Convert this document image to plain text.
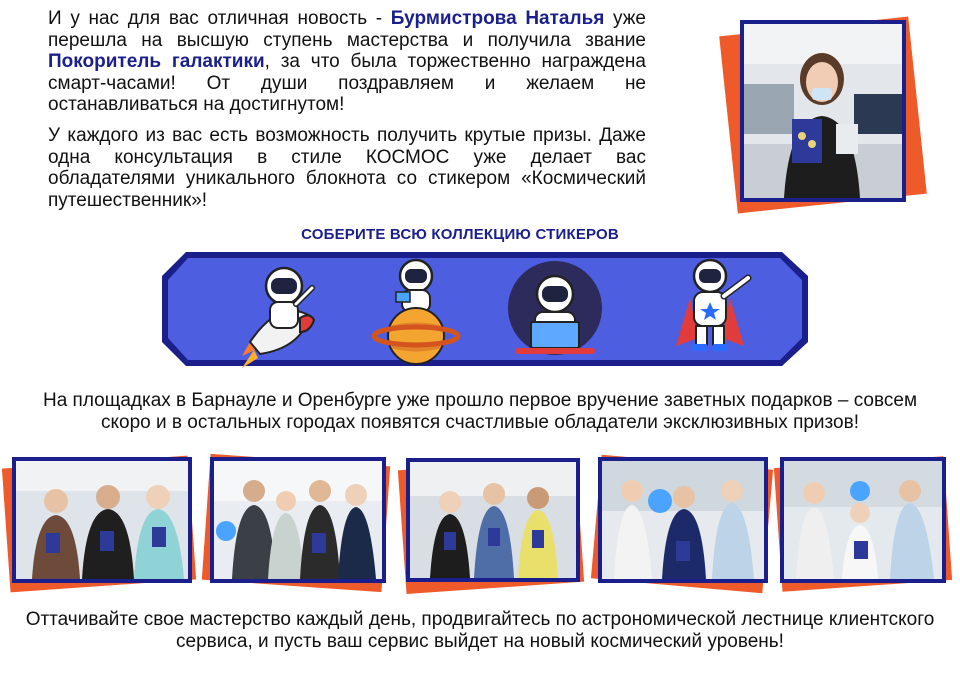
И у нас для вас отличная новость - Бурмистрова Наталья уже перешла на высшую ступень мастерства и получила звание Покоритель галактики, за что была торжественно награждена смарт-часами! От души поздравляем и желаем не останавливаться на достигнутом!

У каждого из вас есть возможность получить крутые призы. Даже одна консультация в стиле КОСМОС уже делает вас обладателями уникального блокнота со стикером «Космический путешественник»!

СОБЕРИТЕ ВСЮ КОЛЛЕКЦИЮ СТИКЕРОВ

На площадках в Барнауле и Оренбурге уже прошло первое вручение заветных подарков – совсем скоро и в остальных городах появятся счастливые обладатели эксклюзивных призов!

Оттачивайте свое мастерство каждый день, продвигайтесь по астрономической лестнице клиентского сервиса, и пусть ваш сервис выйдет на новый космический уровень!
